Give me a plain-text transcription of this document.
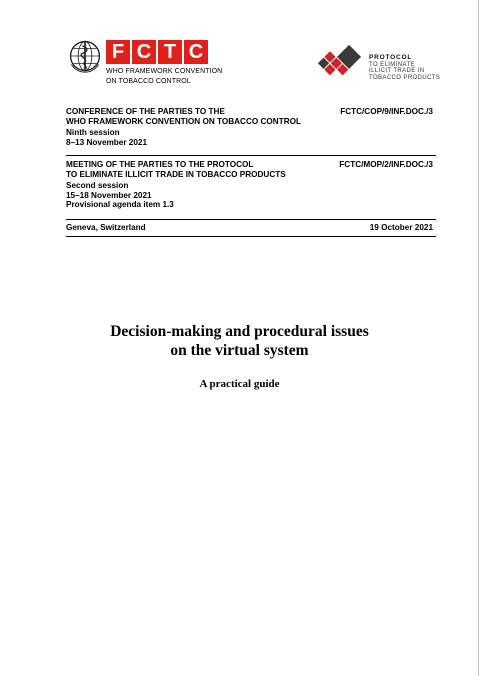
F C T C
WHO FRAMEWORK CONVENTION
ON TOBACCO CONTROL
PROTOCOL
TO ELIMINATE
ILLICIT TRADE IN
TOBACCO PRODUCTS
CONFERENCE OF THE PARTIES TO THE
WHO FRAMEWORK CONVENTION ON TOBACCO CONTROL
Ninth session
8–13 November 2021
FCTC/COP/9/INF.DOC./3
MEETING OF THE PARTIES TO THE PROTOCOL
TO ELIMINATE ILLICIT TRADE IN TOBACCO PRODUCTS
Second session
15–18 November 2021
Provisional agenda item 1.3
FCTC/MOP/2/INF.DOC./3
Geneva, Switzerland	19 October 2021
Decision-making and procedural issues
on the virtual system
A practical guide
